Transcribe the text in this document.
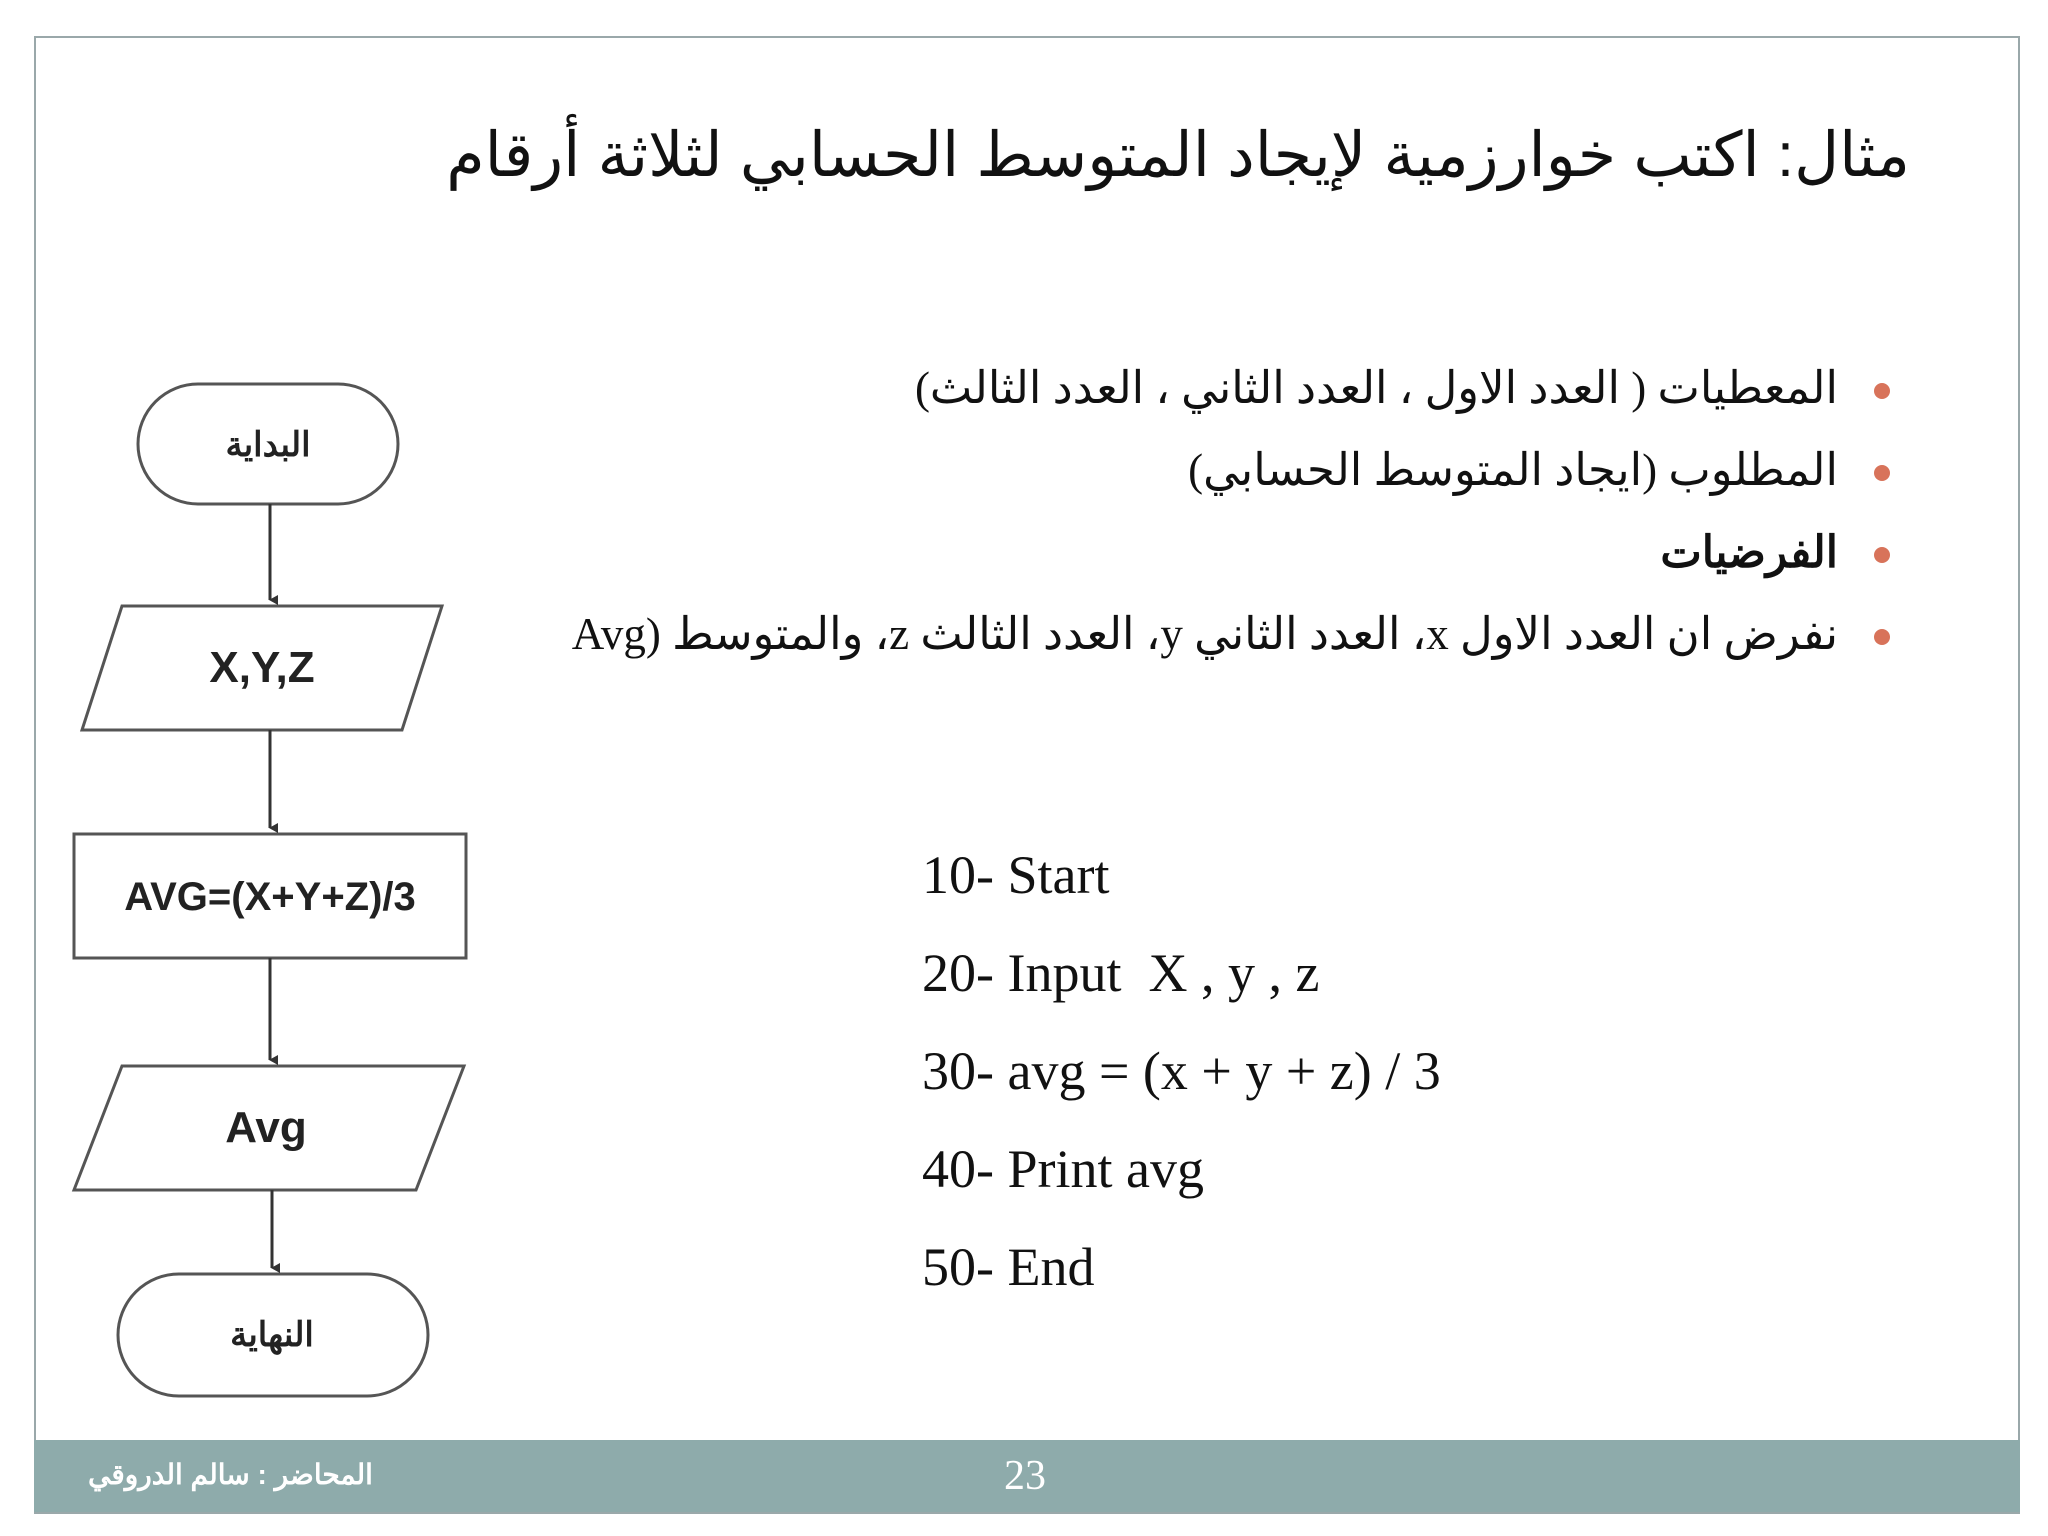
مثال: اكتب خوارزمية لإيجاد المتوسط الحسابي لثلاثة أرقام
المعطيات ( العدد الاول ، العدد الثاني ، العدد الثالث)
المطلوب (ايجاد المتوسط الحسابي)
الفرضيات
نفرض ان العدد الاول x، العدد الثاني y، العدد الثالث z، والمتوسط (Avg
10- Start
20- Input  X , y , z
30- avg = (x + y + z) / 3
40- Print avg
50- End
البداية
X,Y,Z
AVG=(X+Y+Z)/3
Avg
النهاية
المحاضر : سالم الدروقي	23
